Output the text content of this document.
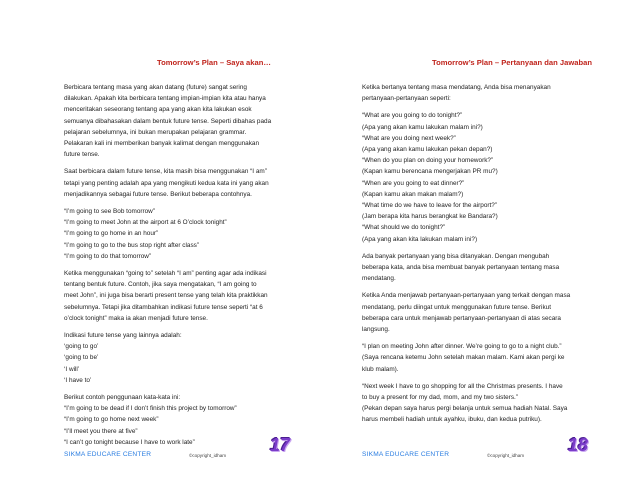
Tomorrow’s Plan – Saya akan…

Berbicara tentang masa yang akan datang (future) sangat sering
dilakukan. Apakah kita berbicara tentang impian-impian kita atau hanya
menceritakan seseorang tentang apa yang akan kita lakukan esok
semuanya dibahasakan dalam bentuk future tense. Seperti dibahas pada
pelajaran sebelumnya, ini bukan merupakan pelajaran grammar.
Pelakaran kali ini memberikan banyak kalimat dengan menggunakan
future tense.

Saat berbicara dalam future tense, kita masih bisa menggunakan “I am”
tetapi yang penting adalah apa yang mengikuti kedua kata ini yang akan
menjadikannya sebagai future tense. Berikut beberapa contohnya.

“I’m going to see Bob tomorrow”
“I’m going to meet John at the airport at 6 O’clock tonight”
“I’m going to go home in an hour”
“I’m going to go to the bus stop right after class”
“I’m going to do that tomorrow”

Ketika menggunakan “going to” setelah “I am” penting agar ada indikasi
tentang bentuk future. Contoh, jika saya mengatakan, “I am going to
meet John”, ini juga bisa berarti present tense yang telah kita praktikkan
sebelumnya. Tetapi jika ditambahkan indikasi future tense seperti “at 6
o’clock tonight” maka ia akan menjadi future tense.

Indikasi future tense yang lainnya adalah:
‘going to go’
‘going to be’
‘I will’
‘I have to’

Berikut contoh penggunaan kata-kata ini:
“I’m going to be dead if I don’t finish this project by tomorrow”
“I’m going to go home next week”
“I’ll meet you there at five”
“I can’t go tonight because I have to work late”

SIKMA EDUCARE CENTER	©copyright_idham
17
Tomorrow’s Plan – Pertanyaan dan Jawaban

Ketika bertanya tentang masa mendatang, Anda bisa menanyakan
pertanyaan-pertanyaan seperti:

“What are you going to do tonight?”
(Apa yang akan kamu lakukan malam ini?)
“What are you doing next week?”
(Apa yang akan kamu lakukan pekan depan?)
“When do you plan on doing your homework?”
(Kapan kamu berencana mengerjakan PR mu?)
“When are you going to eat dinner?”
(Kapan kamu akan makan malam?)
“What time do we have to leave for the airport?”
(Jam berapa kita harus berangkat ke Bandara?)
“What should we do tonight?”
(Apa yang akan kita lakukan malam ini?)

Ada banyak pertanyaan yang bisa ditanyakan. Dengan mengubah
beberapa kata, anda bisa membuat banyak pertanyaan tentang masa
mendatang.

Ketika Anda menjawab pertanyaan-pertanyaan yang terkait dengan masa
mendatang, perlu diingat untuk menggunakan future tense. Berikut
beberapa cara untuk menjawab pertanyaan-pertanyaan di atas secara
langsung.

“I plan on meeting John after dinner. We’re going to go to a night club.”
(Saya rencana ketemu John setelah makan malam. Kami akan pergi ke
klub malam).

“Next week I have to go shopping for all the Christmas presents. I have
to buy a present for my dad, mom, and my two sisters.”
(Pekan depan saya harus pergi belanja untuk semua hadiah Natal. Saya
harus membeli hadiah untuk ayahku, ibuku, dan kedua putriku).

SIKMA EDUCARE CENTER	©copyright_idham
18
